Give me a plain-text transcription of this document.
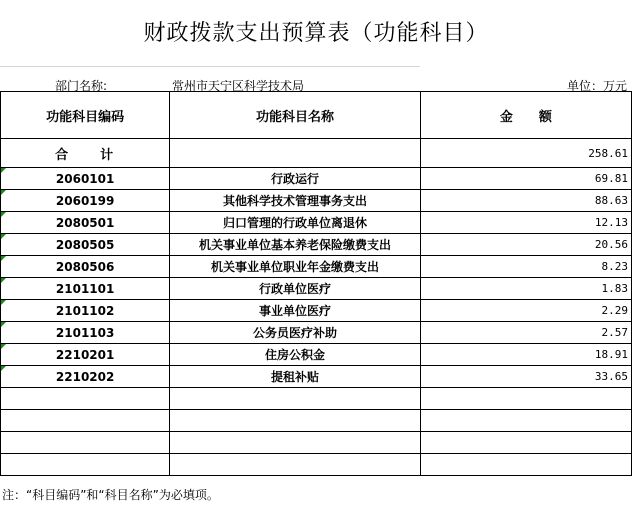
财政拨款支出预算表（功能科目）
部门名称:	常州市天宁区科学技术局	单位：万元
功能科目编码	功能科目名称	金　　额
合　　计		258.61

2060101	行政运行	69.81

2060199	其他科学技术管理事务支出	88.63

2080501	归口管理的行政单位离退休	12.13

2080505	机关事业单位基本养老保险缴费支出	20.56

2080506	机关事业单位职业年金缴费支出	8.23

2101101	行政单位医疗	1.83

2101102	事业单位医疗	2.29

2101103	公务员医疗补助	2.57

2210201	住房公积金	18.91

2210202	提租补贴	33.65

注：“科目编码”和“科目名称”为必填项。
